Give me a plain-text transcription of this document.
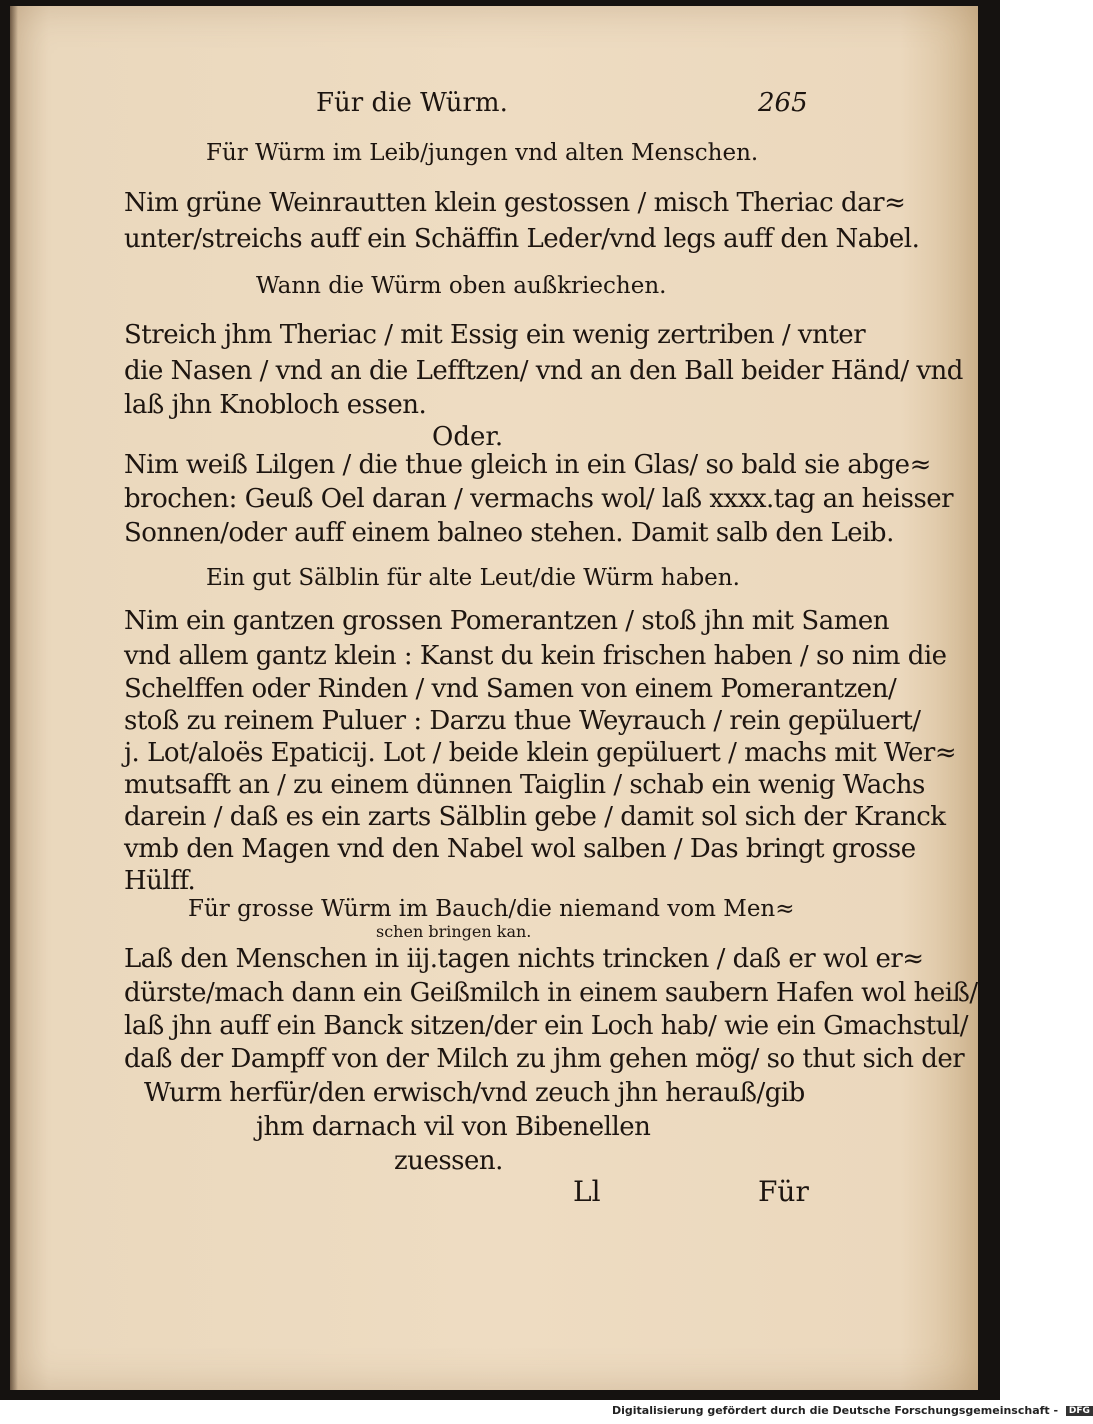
Für die Würm.	265
Für Würm im Leib/jungen vnd alten Menschen.
Nim grüne Weinrautten klein gestossen / misch Theriac dar≈
unter/streichs auff ein Schäffin Leder/vnd legs auff den Nabel.
Wann die Würm oben außkriechen.
Streich jhm Theriac / mit Essig ein wenig zertriben / vnter
die Nasen / vnd an die Lefftzen/ vnd an den Ball beider Händ/ vnd
laß jhn Knobloch essen.
Oder.
Nim weiß Lilgen / die thue gleich in ein Glas/ so bald sie abge≈
brochen: Geuß Oel daran / vermachs wol/ laß xxxx.tag an heisser
Sonnen/oder auff einem balneo stehen. Damit salb den Leib.
Ein gut Sälblin für alte Leut/die Würm haben.
Nim ein gantzen grossen Pomerantzen / stoß jhn mit Samen
vnd allem gantz klein : Kanst du kein frischen haben / so nim die
Schelffen oder Rinden / vnd Samen von einem Pomerantzen/
stoß zu reinem Puluer : Darzu thue Weyrauch / rein gepüluert/
j. Lot/aloës Epaticij. Lot / beide klein gepüluert / machs mit Wer≈
mutsafft an / zu einem dünnen Taiglin / schab ein wenig Wachs
darein / daß es ein zarts Sälblin gebe / damit sol sich der Kranck
vmb den Magen vnd den Nabel wol salben / Das bringt grosse
Hülff.
Für grosse Würm im Bauch/die niemand vom Men≈
schen bringen kan.
Laß den Menschen in iij.tagen nichts trincken / daß er wol er≈
dürste/mach dann ein Geißmilch in einem saubern Hafen wol heiß/
laß jhn auff ein Banck sitzen/der ein Loch hab/ wie ein Gmachstul/
daß der Dampff von der Milch zu jhm gehen mög/ so thut sich der
Wurm herfür/den erwisch/vnd zeuch jhn herauß/gib
jhm darnach vil von Bibenellen
zuessen.
Ll	Für
Digitalisierung gefördert durch die Deutsche Forschungsgemeinschaft - DFG
